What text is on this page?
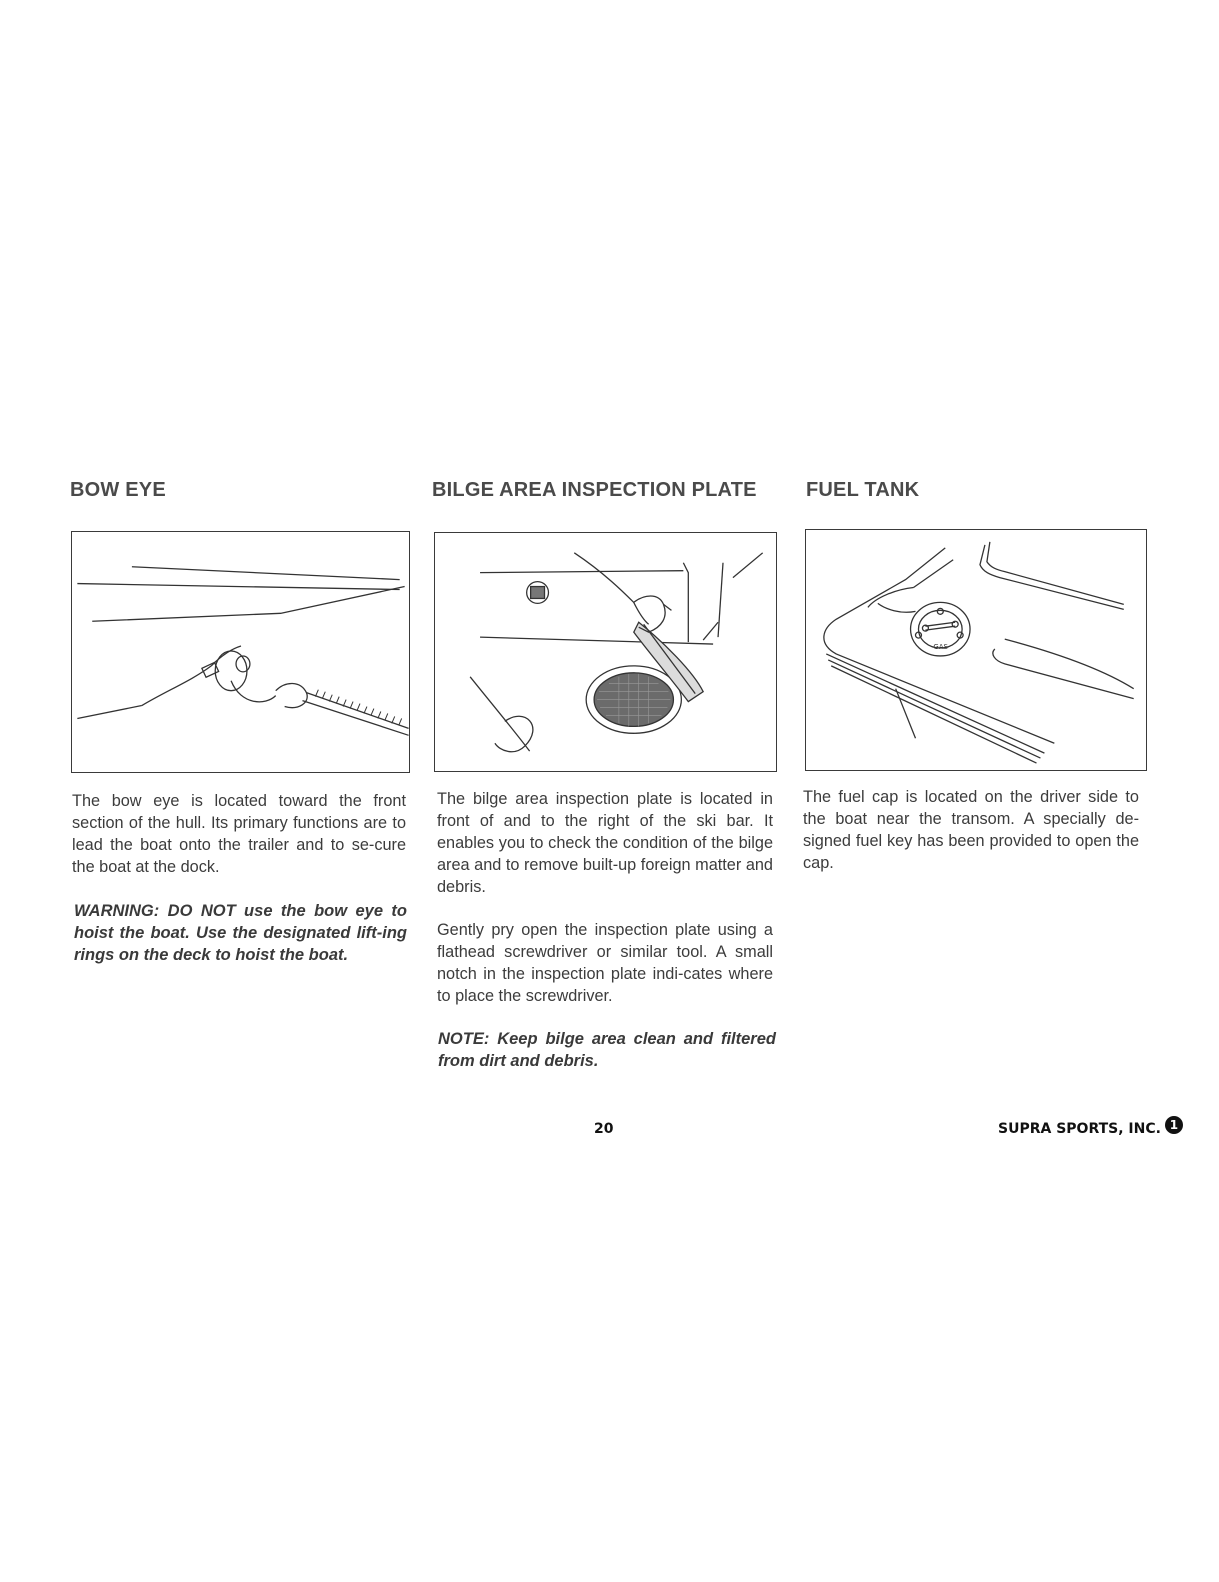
BOW EYE	BILGE AREA INSPECTION PLATE FUEL TANK
GAS

The bow eye is located toward the front section of the hull. Its primary functions are to lead the boat onto the trailer and to se-cure the boat at the dock.

WARNING: DO NOT use the bow eye to hoist the boat. Use the designated lift-ing rings on the deck to hoist the boat.

The bilge area inspection plate is located in front of and to the right of the ski bar. It enables you to check the condition of the bilge area and to remove built-up foreign matter and debris.

Gently pry open the inspection plate using a flathead screwdriver or similar tool. A small notch in the inspection plate indi-cates where to place the screwdriver.

NOTE: Keep bilge area clean and filtered from dirt and debris.

The fuel cap is located on the driver side to the boat near the transom. A specially de-signed fuel key has been provided to open the cap.

20	SUPRA SPORTS, INC. 1
